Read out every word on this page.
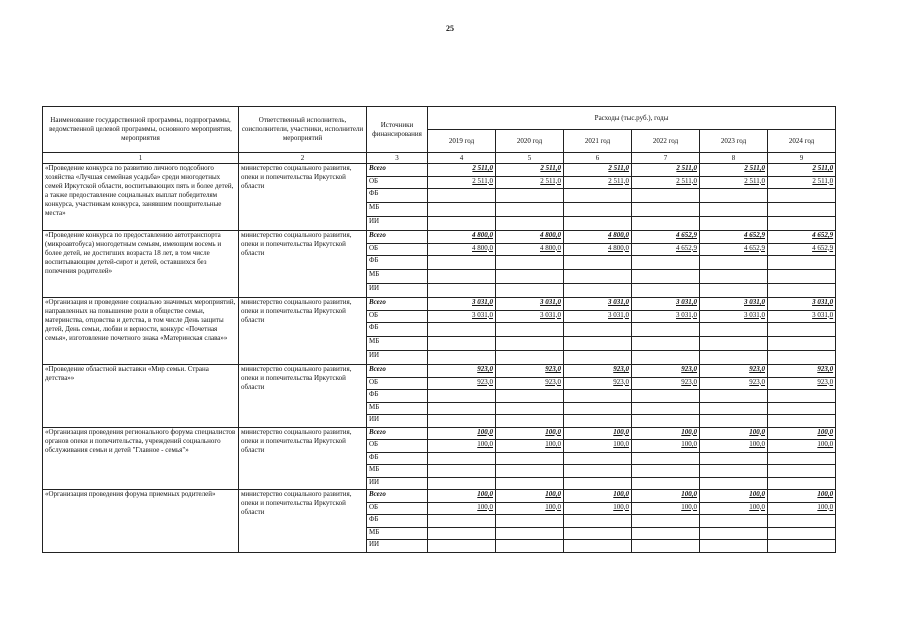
25
Наименование государственной программы, подпрограммы, ведомственной целевой программы, основного мероприятия, мероприятия	Ответственный исполнитель, соисполнители, участники, исполнители мероприятий	Источники финансирования	Расходы (тыс.руб.), годы					
			2019 год	2020 год	2021 год	2022 год	2023 год	2024 год
1	2	3	4	5	6	7	8	9
«Проведение конкурса по развитию личного подсобного хозяйства «Лучшая семейная усадьба» среди многодетных семей Иркутской области, воспитывающих пять и более детей, а также предоставление социальных выплат победителям конкурса, участникам конкурса, занявшим поощрительные места»	министерство социального развития, опеки и попечительства Иркутской области	Всего	2 511,0	2 511,0	2 511,0	2 511,0	2 511,0	2 511,0
		ОБ	2 511,0	2 511,0	2 511,0	2 511,0	2 511,0	2 511,0
		ФБ						
		МБ						
		ИИ						
«Проведение конкурса по предоставлению автотранспорта (микроавтобуса) многодетным семьям, имеющим восемь и более детей, не достигших возраста 18 лет, в том числе воспитывающим детей-сирот и детей, оставшихся без попечения родителей»	министерство социального развития, опеки и попечительства Иркутской области	Всего	4 800,0	4 800,0	4 800,0	4 652,9	4 652,9	4 652,9
		ОБ	4 800,0	4 800,0	4 800,0	4 652,9	4 652,9	4 652,9
		ФБ						
		МБ						
		ИИ						
«Организация и проведение социально значимых мероприятий, направленных на повышение роли в обществе семьи, материнства, отцовства и детства, в том числе День защиты детей, День семьи, любви и верности, конкурс «Почетная семья», изготовление почетного знака «Материнская слава»»	министерство социального развития, опеки и попечительства Иркутской области	Всего	3 031,0	3 031,0	3 031,0	3 031,0	3 031,0	3 031,0
		ОБ	3 031,0	3 031,0	3 031,0	3 031,0	3 031,0	3 031,0
		ФБ						
		МБ						
		ИИ						
«Проведение областной выставки «Мир семьи. Страна детства»»	министерство социального развития, опеки и попечительства Иркутской области	Всего	923,0	923,0	923,0	923,0	923,0	923,0
		ОБ	923,0	923,0	923,0	923,0	923,0	923,0
		ФБ						
		МБ						
		ИИ						
«Организация проведения регионального форума специалистов органов опеки и попечительства, учреждений социального обслуживания семьи и детей "Главное - семья"»	министерство социального развития, опеки и попечительства Иркутской области	Всего	100,0	100,0	100,0	100,0	100,0	100,0
		ОБ	100,0	100,0	100,0	100,0	100,0	100,0
		ФБ						
		МБ						
		ИИ						
«Организация проведения форума приемных родителей»	министерство социального развития, опеки и попечительства Иркутской области	Всего	100,0	100,0	100,0	100,0	100,0	100,0
		ОБ	100,0	100,0	100,0	100,0	100,0	100,0
		ФБ						
		МБ						
		ИИ						
